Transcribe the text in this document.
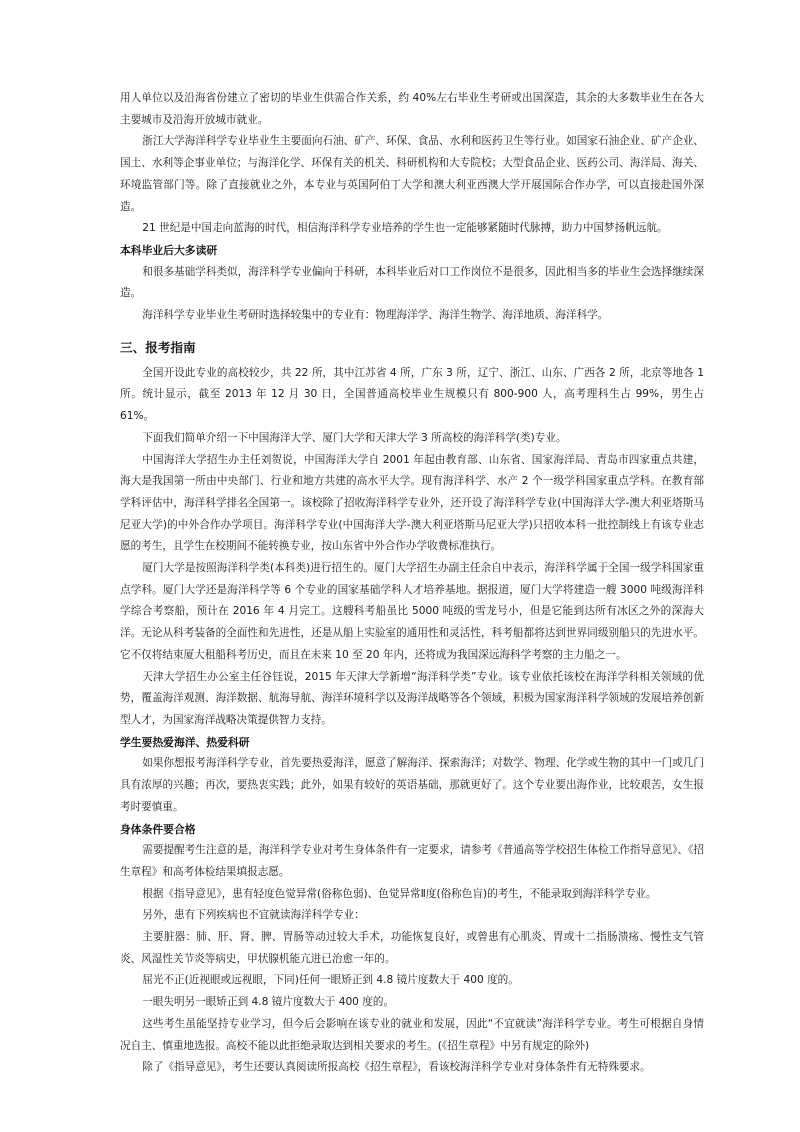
用人单位以及沿海省份建立了密切的毕业生供需合作关系，约 40%左右毕业生考研或出国深造，其余的大多数毕业生在各大主要城市及沿海开放城市就业。

浙江大学海洋科学专业毕业生主要面向石油、矿产、环保、食品、水利和医药卫生等行业。如国家石油企业、矿产企业、国土、水利等企事业单位；与海洋化学、环保有关的机关、科研机构和大专院校；大型食品企业、医药公司、海洋局、海关、环境监管部门等。除了直接就业之外，本专业与英国阿伯丁大学和澳大利亚西澳大学开展国际合作办学，可以直接赴国外深造。

21 世纪是中国走向蓝海的时代，相信海洋科学专业培养的学生也一定能够紧随时代脉搏，助力中国梦扬帆远航。

本科毕业后大多读研

和很多基础学科类似，海洋科学专业偏向于科研，本科毕业后对口工作岗位不是很多，因此相当多的毕业生会选择继续深造。

海洋科学专业毕业生考研时选择较集中的专业有：物理海洋学、海洋生物学、海洋地质、海洋科学。

三、报考指南

全国开设此专业的高校较少，共 22 所，其中江苏省 4 所，广东 3 所，辽宁、浙江、山东、广西各 2 所，北京等地各 1 所。统计显示，截至 2013 年 12 月 30 日，全国普通高校毕业生规模只有 800-900 人，高考理科生占 99%，男生占 61%。

下面我们简单介绍一下中国海洋大学、厦门大学和天津大学 3 所高校的海洋科学(类)专业。

中国海洋大学招生办主任刘贺说，中国海洋大学自 2001 年起由教育部、山东省、国家海洋局、青岛市四家重点共建，海大是我国第一所由中央部门、行业和地方共建的高水平大学。现有海洋科学、水产 2 个一级学科国家重点学科。在教育部学科评估中，海洋科学排名全国第一。该校除了招收海洋科学专业外，还开设了海洋科学专业(中国海洋大学-澳大利亚塔斯马尼亚大学)的中外合作办学项目。海洋科学专业(中国海洋大学-澳大利亚塔斯马尼亚大学)只招收本科一批控制线上有该专业志愿的考生，且学生在校期间不能转换专业，按山东省中外合作办学收费标准执行。

厦门大学是按照海洋科学类(本科类)进行招生的。厦门大学招生办副主任余自中表示，海洋科学属于全国一级学科国家重点学科。厦门大学还是海洋科学等 6 个专业的国家基础学科人才培养基地。据报道，厦门大学将建造一艘 3000 吨级海洋科学综合考察船，预计在 2016 年 4 月完工。这艘科考船虽比 5000 吨级的雪龙号小，但是它能到达所有冰区之外的深海大洋。无论从科考装备的全面性和先进性，还是从船上实验室的通用性和灵活性，科考船都将达到世界同级别船只的先进水平。它不仅将结束厦大租船科考历史，而且在未来 10 至 20 年内，还将成为我国深远海科学考察的主力船之一。

天津大学招生办公室主任谷钰说，2015 年天津大学新增“海洋科学类”专业。该专业依托该校在海洋学科相关领域的优势，覆盖海洋观测、海洋数据、航海导航、海洋环境科学以及海洋战略等各个领域，积极为国家海洋科学领域的发展培养创新型人才，为国家海洋战略决策提供智力支持。

学生要热爱海洋、热爱科研

如果你想报考海洋科学专业，首先要热爱海洋，愿意了解海洋、探索海洋；对数学、物理、化学或生物的其中一门或几门具有浓厚的兴趣；再次，要热衷实践；此外，如果有较好的英语基础，那就更好了。这个专业要出海作业，比较艰苦，女生报考时要慎重。

身体条件要合格

需要提醒考生注意的是，海洋科学专业对考生身体条件有一定要求，请参考《普通高等学校招生体检工作指导意见》、《招生章程》和高考体检结果填报志愿。

根据《指导意见》，患有轻度色觉异常(俗称色弱)、色觉异常Ⅱ度(俗称色盲)的考生，不能录取到海洋科学专业。

另外，患有下列疾病也不宜就读海洋科学专业：

主要脏器：肺、肝、肾、脾、胃肠等动过较大手术，功能恢复良好，或曾患有心肌炎、胃或十二指肠溃疡、慢性支气管炎、风湿性关节炎等病史，甲状腺机能亢进已治愈一年的。

屈光不正(近视眼或远视眼，下同)任何一眼矫正到 4.8 镜片度数大于 400 度的。

一眼失明另一眼矫正到 4.8 镜片度数大于 400 度的。

这些考生虽能坚持专业学习，但今后会影响在该专业的就业和发展，因此“不宜就读”海洋科学专业。考生可根据自身情况自主、慎重地选报。高校不能以此拒绝录取达到相关要求的考生。(《招生章程》中另有规定的除外)

除了《指导意见》，考生还要认真阅读所报高校《招生章程》，看该校海洋科学专业对身体条件有无特殊要求。
